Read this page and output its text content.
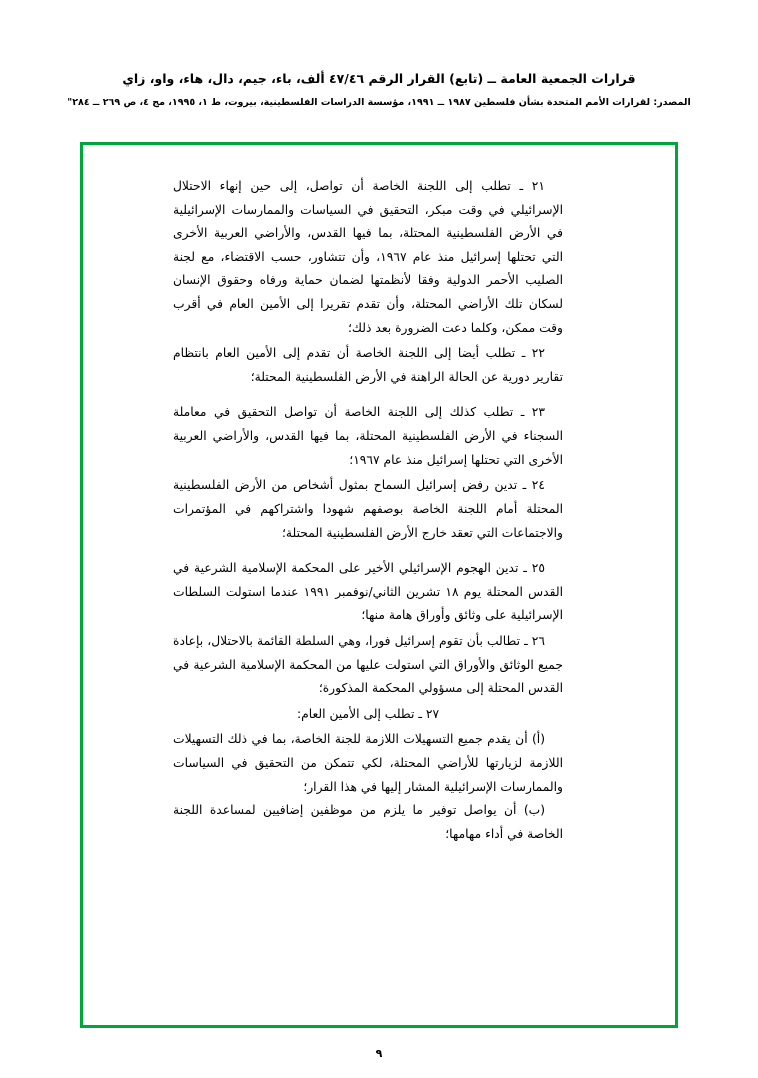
قرارات الجمعية العامة ــ (تابع) القرار الرقم ٤٧/٤٦ ألف، باء، جيم، دال، هاء، واو، زاي
المصدر: لقرارات الأمم المتحدة بشأن فلسطين ١٩٨٧ ــ ١٩٩١، مؤسسة الدراسات الفلسطينية، بيروت، ط ١، ١٩٩٥، مج ٤، ص ٢٦٩ ــ ٢٨٤"

٢١ ـ تطلب إلى اللجنة الخاصة أن تواصل، إلى حين إنهاء الاحتلال الإسرائيلي في وقت مبكر، التحقيق في السياسات والممارسات الإسرائيلية في الأرض الفلسطينية المحتلة، بما فيها القدس، والأراضي العربية الأخرى التي تحتلها إسرائيل منذ عام ١٩٦٧، وأن تتشاور، حسب الاقتضاء، مع لجنة الصليب الأحمر الدولية وفقا لأنظمتها لضمان حماية ورفاه وحقوق الإنسان لسكان تلك الأراضي المحتلة، وأن تقدم تقريرا إلى الأمين العام في أقرب وقت ممكن، وكلما دعت الضرورة بعد ذلك؛

٢٢ ـ تطلب أيضا إلى اللجنة الخاصة أن تقدم إلى الأمين العام بانتظام تقارير دورية عن الحالة الراهنة في الأرض الفلسطينية المحتلة؛

٢٣ ـ تطلب كذلك إلى اللجنة الخاصة أن تواصل التحقيق في معاملة السجناء في الأرض الفلسطينية المحتلة، بما فيها القدس، والأراضي العربية الأخرى التي تحتلها إسرائيل منذ عام ١٩٦٧؛

٢٤ ـ تدين رفض إسرائيل السماح بمثول أشخاص من الأرض الفلسطينية المحتلة أمام اللجنة الخاصة بوصفهم شهودا واشتراكهم في المؤتمرات والاجتماعات التي تعقد خارج الأرض الفلسطينية المحتلة؛

٢٥ ـ تدين الهجوم الإسرائيلي الأخير على المحكمة الإسلامية الشرعية في القدس المحتلة يوم ١٨ تشرين الثاني/نوفمبر ١٩٩١ عندما استولت السلطات الإسرائيلية على وثائق وأوراق هامة منها؛

٢٦ ـ تطالب بأن تقوم إسرائيل فورا، وهي السلطة القائمة بالاحتلال، بإعادة جميع الوثائق والأوراق التي استولت عليها من المحكمة الإسلامية الشرعية في القدس المحتلة إلى مسؤولي المحكمة المذكورة؛

٢٧ ـ تطلب إلى الأمين العام:

(أ) أن يقدم جميع التسهيلات اللازمة للجنة الخاصة، بما في ذلك التسهيلات اللازمة لزيارتها للأراضي المحتلة، لكي تتمكن من التحقيق في السياسات والممارسات الإسرائيلية المشار إليها في هذا القرار؛

(ب) أن يواصل توفير ما يلزم من موظفين إضافيين لمساعدة اللجنة الخاصة في أداء مهامها؛

٩
